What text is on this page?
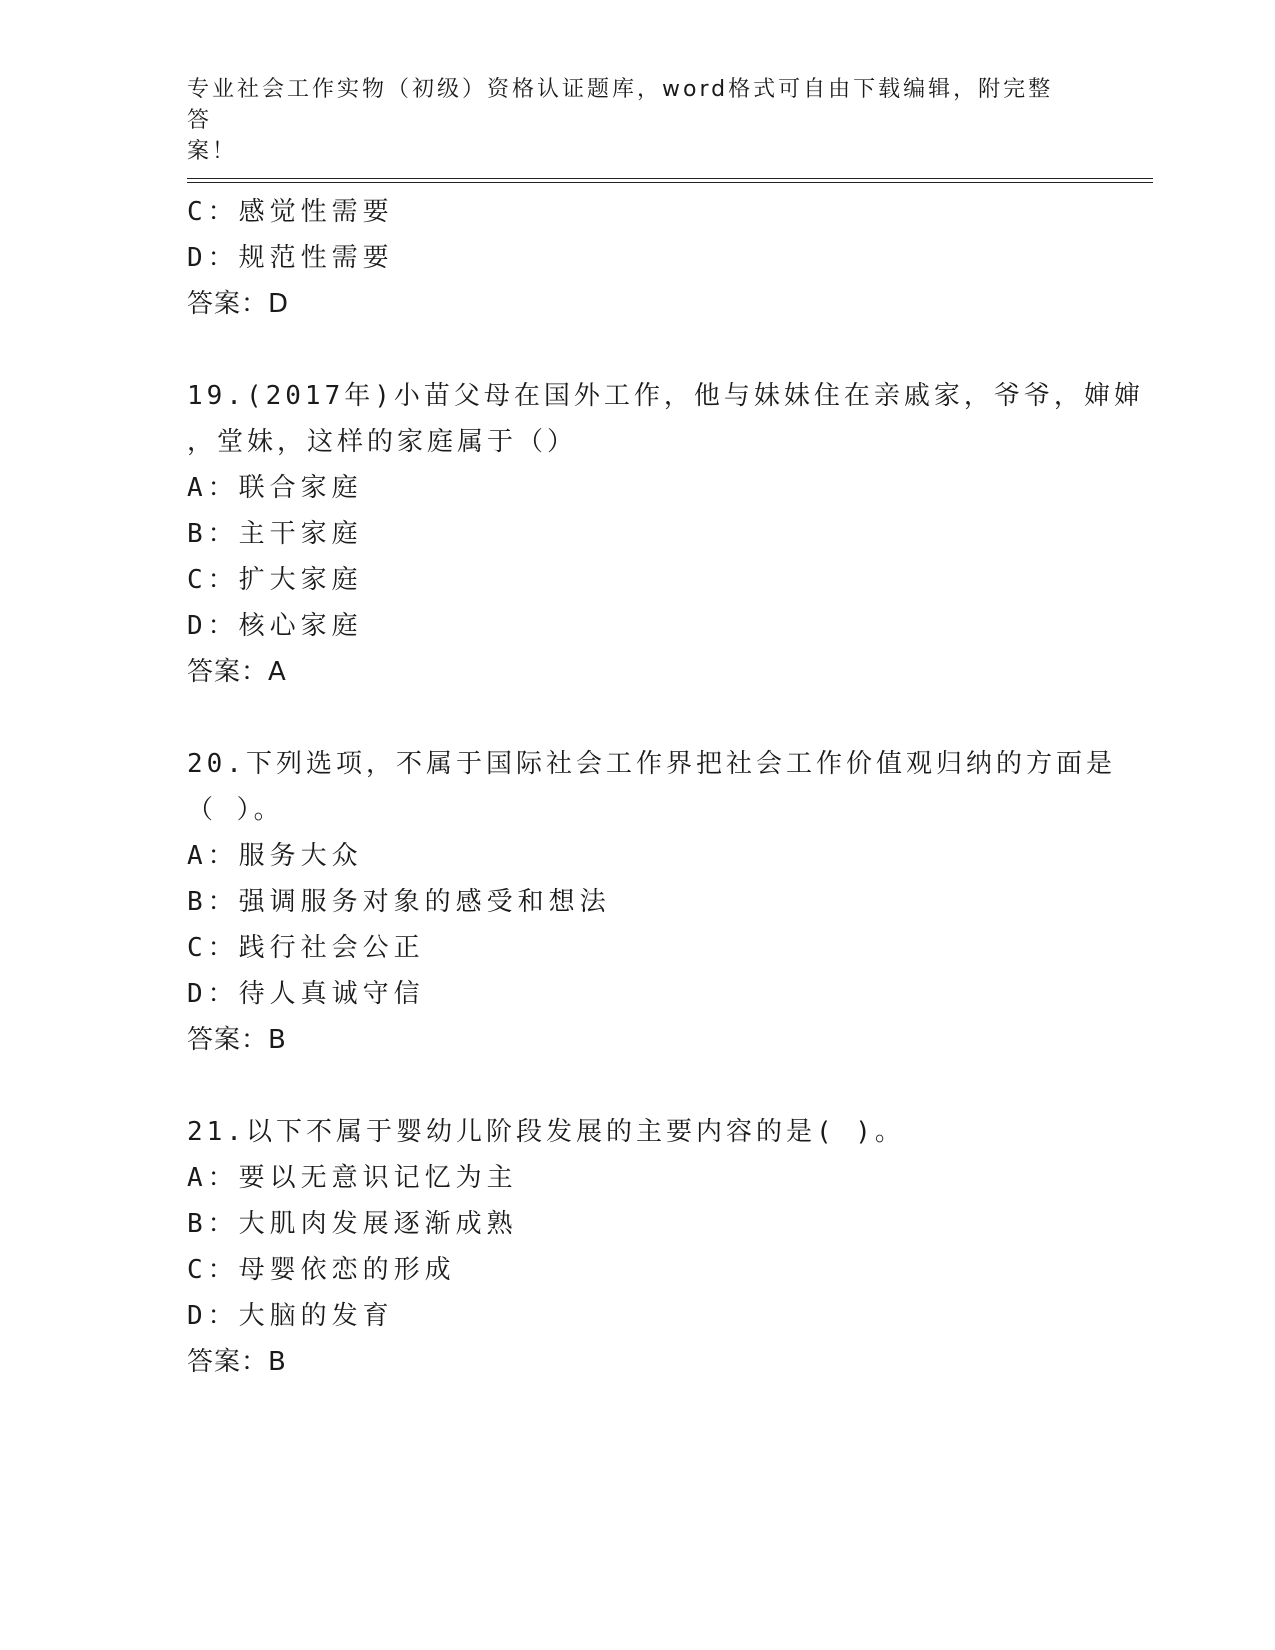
专业社会工作实物（初级）资格认证题库，word格式可自由下载编辑，附完整答
案！
C：感觉性需要
D：规范性需要
答案：D
19.(2017年)小苗父母在国外工作，他与妹妹住在亲戚家，爷爷，婶婶
，堂妹，这样的家庭属于（）
A：联合家庭
B：主干家庭
C：扩大家庭
D：核心家庭
答案：A
20.下列选项，不属于国际社会工作界把社会工作价值观归纳的方面是
（ ）。
A：服务大众
B：强调服务对象的感受和想法
C：践行社会公正
D：待人真诚守信
答案：B
21.以下不属于婴幼儿阶段发展的主要内容的是( )。
A：要以无意识记忆为主
B：大肌肉发展逐渐成熟
C：母婴依恋的形成
D：大脑的发育
答案：B
